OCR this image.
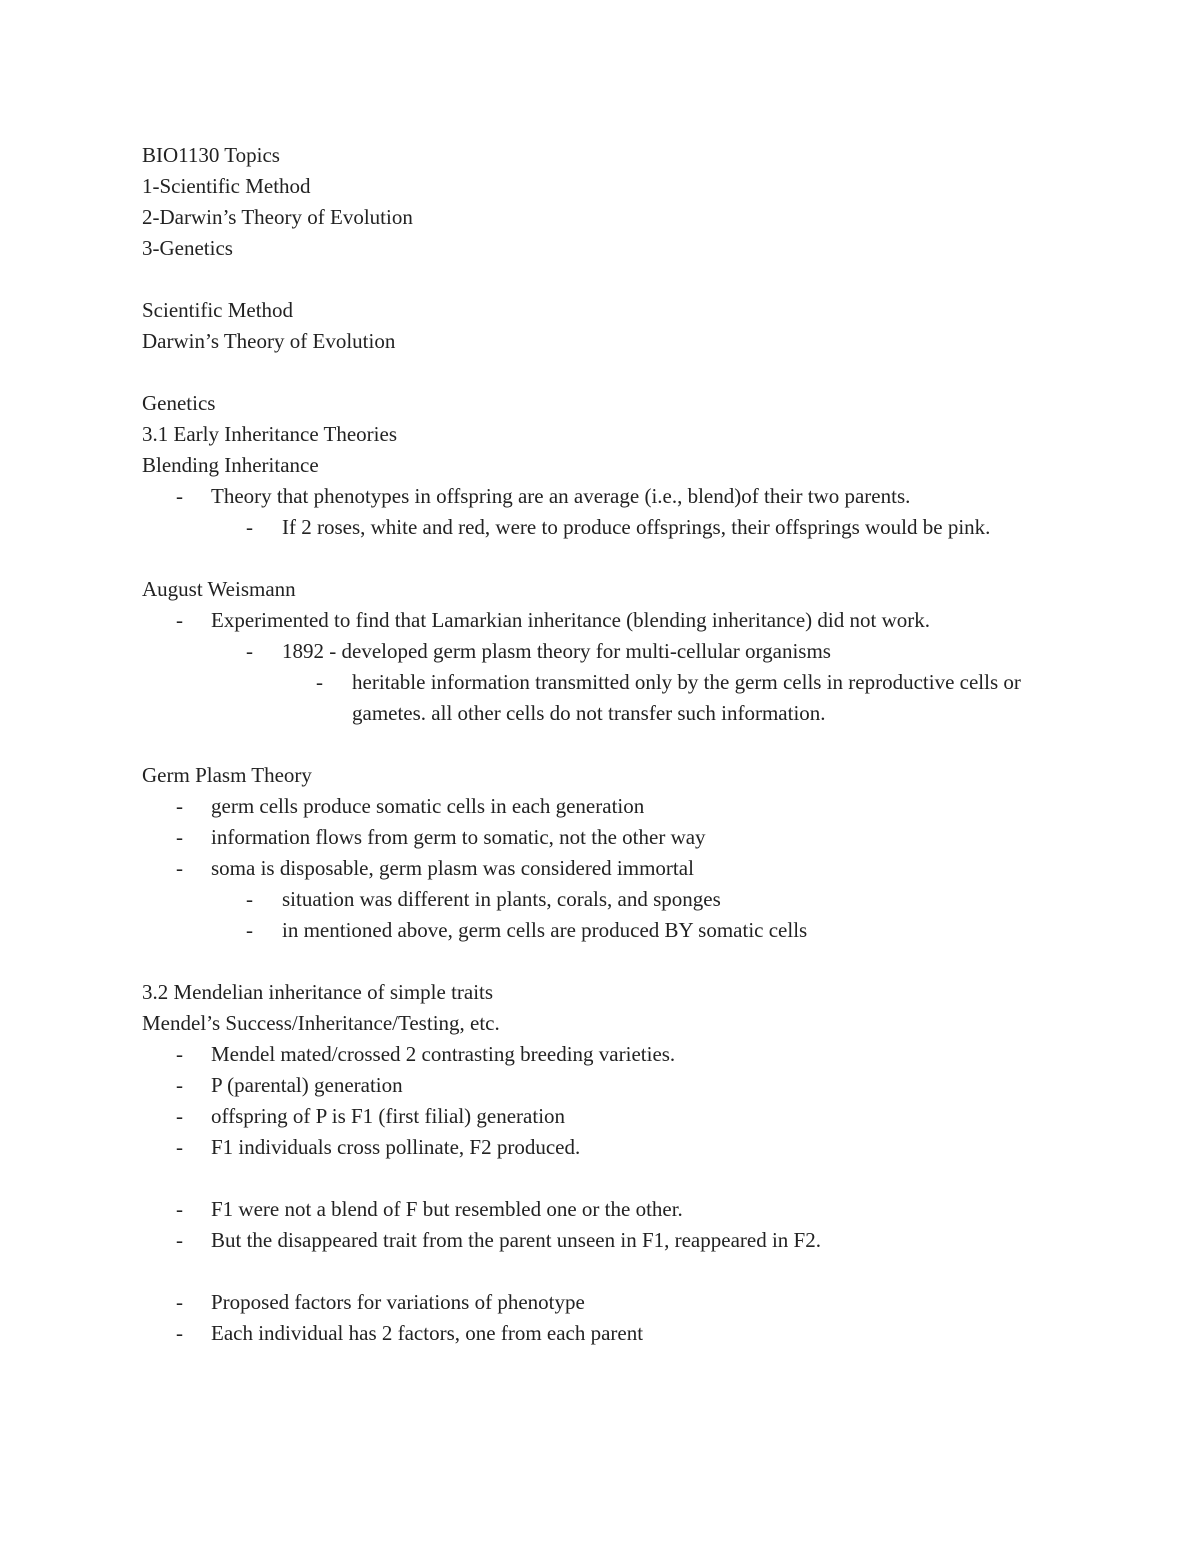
BIO1130 Topics
1-Scientific Method
2-Darwin’s Theory of Evolution
3-Genetics
Scientific Method
Darwin’s Theory of Evolution
Genetics
3.1 Early Inheritance Theories
Blending Inheritance
- Theory that phenotypes in offspring are an average (i.e., blend)of their two parents.
- If 2 roses, white and red, were to produce offsprings, their offsprings would be pink.
August Weismann
- Experimented to find that Lamarkian inheritance (blending inheritance) did not work.
- 1892 - developed germ plasm theory for multi-cellular organisms
- heritable information transmitted only by the germ cells in reproductive cells or gametes. all other cells do not transfer such information.
Germ Plasm Theory
- germ cells produce somatic cells in each generation
- information flows from germ to somatic, not the other way
- soma is disposable, germ plasm was considered immortal
- situation was different in plants, corals, and sponges
- in mentioned above, germ cells are produced BY somatic cells
3.2 Mendelian inheritance of simple traits
Mendel’s Success/Inheritance/Testing, etc.
- Mendel mated/crossed 2 contrasting breeding varieties.
- P (parental) generation
- offspring of P is F1 (first filial) generation
- F1 individuals cross pollinate, F2 produced.
- F1 were not a blend of F but resembled one or the other.
- But the disappeared trait from the parent unseen in F1, reappeared in F2.
- Proposed factors for variations of phenotype
- Each individual has 2 factors, one from each parent
